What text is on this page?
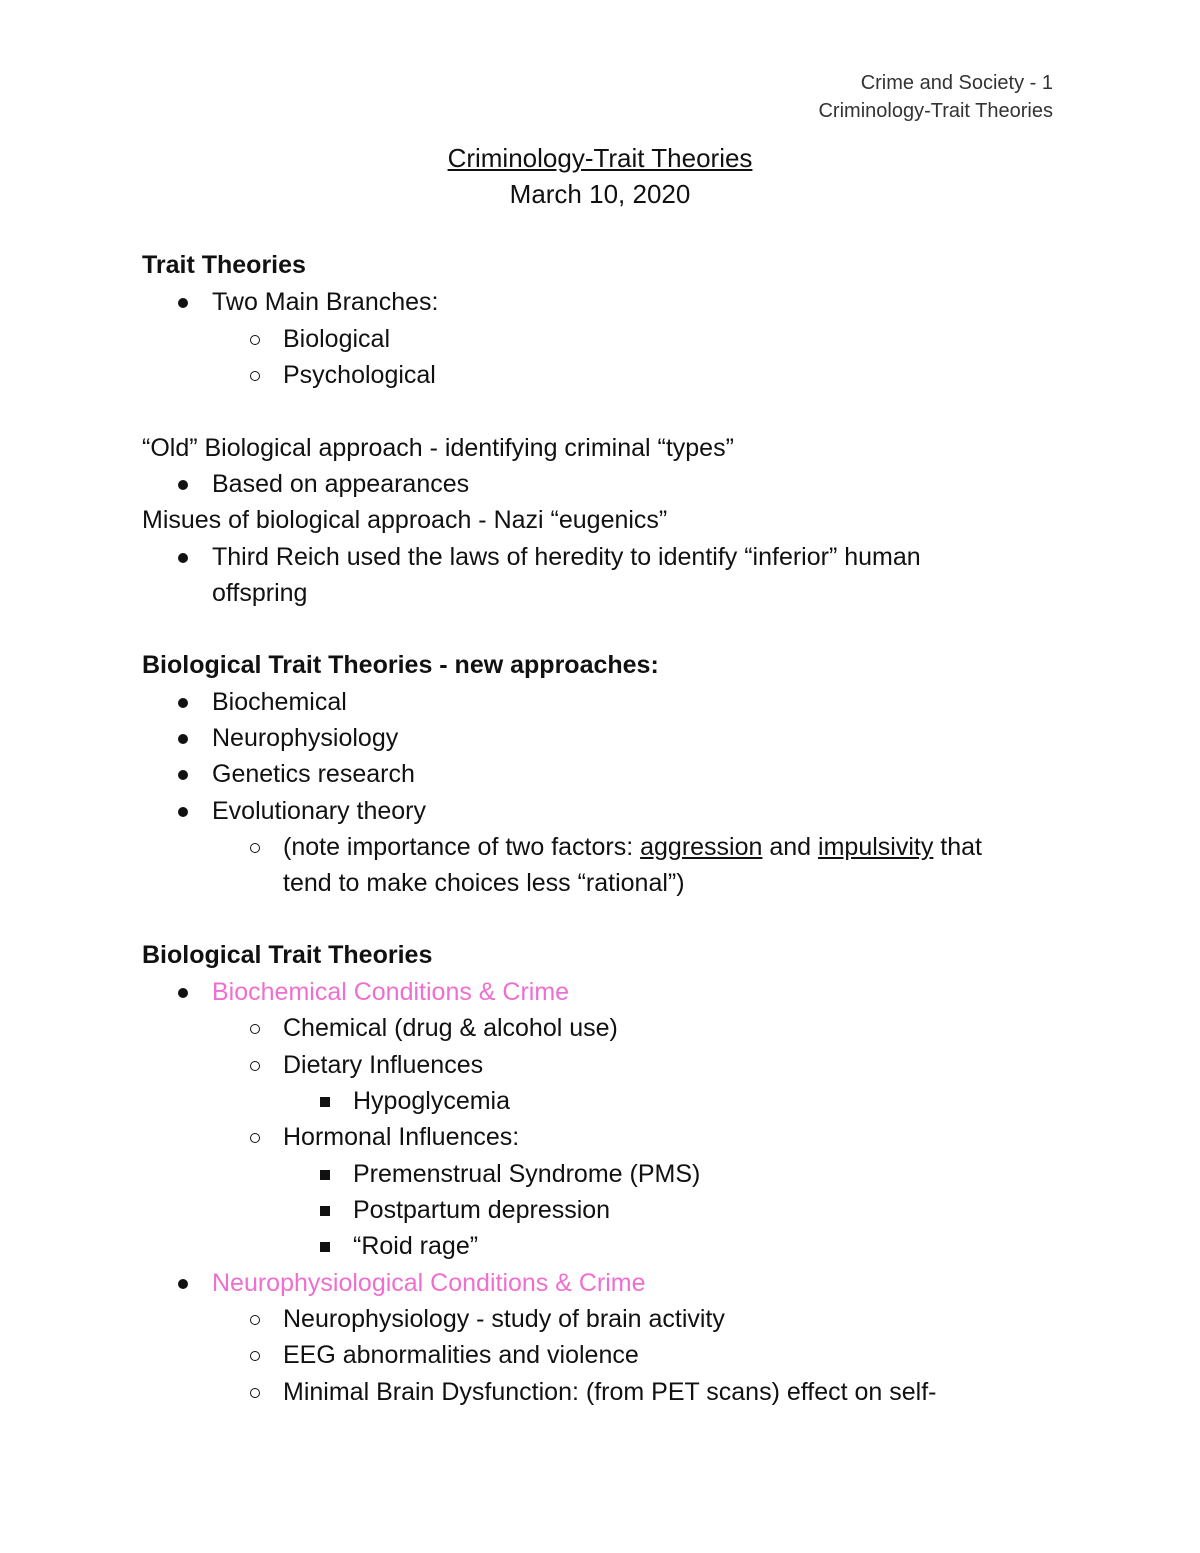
Crime and Society - 1
Criminology-Trait Theories
Criminology-Trait Theories
March 10, 2020
Trait Theories
Two Main Branches:
Biological
Psychological
“Old” Biological approach - identifying criminal “types”
Based on appearances
Misues of biological approach - Nazi “eugenics”
Third Reich used the laws of heredity to identify “inferior” human
offspring
Biological Trait Theories - new approaches:
Biochemical
Neurophysiology
Genetics research
Evolutionary theory
(note importance of two factors: aggression and impulsivity that
tend to make choices less “rational”)
Biological Trait Theories
Biochemical Conditions & Crime
Chemical (drug & alcohol use)
Dietary Influences
Hypoglycemia
Hormonal Influences:
Premenstrual Syndrome (PMS)
Postpartum depression
“Roid rage”
Neurophysiological Conditions & Crime
Neurophysiology - study of brain activity
EEG abnormalities and violence
Minimal Brain Dysfunction: (from PET scans) effect on self-
